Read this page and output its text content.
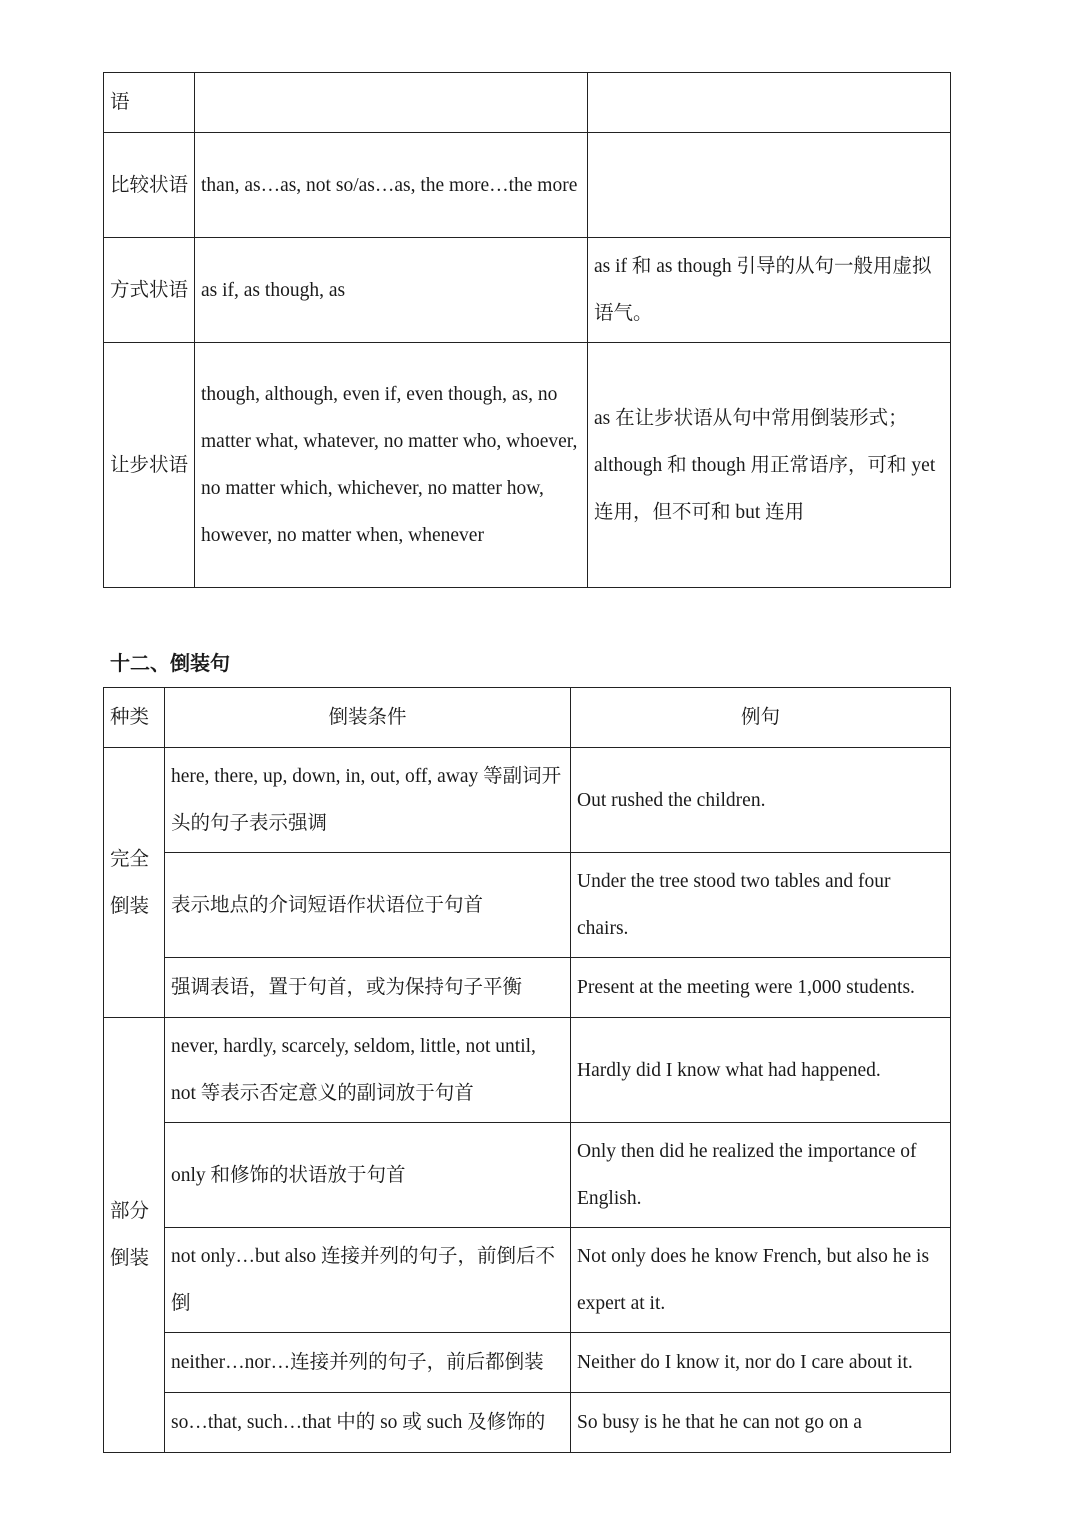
语		
比较状语	than, as…as, not so/as…as, the more…the more	
方式状语	as if, as though, as	as if 和 as though 引导的从句一般用虚拟语气。
让步状语	though, although, even if, even though, as, no matter what, whatever, no matter who, whoever, no matter which, whichever, no matter how, however, no matter when, whenever	as 在让步状语从句中常用倒装形式；although 和 though 用正常语序，可和 yet 连用，但不可和 but 连用
十二、倒装句
种类	倒装条件	例句
完全倒装	here, there, up, down, in, out, off, away 等副词开头的句子表示强调	Out rushed the children.
	表示地点的介词短语作状语位于句首	Under the tree stood two tables and four chairs.
	强调表语，置于句首，或为保持句子平衡	Present at the meeting were 1,000 students.
部分倒装	never, hardly, scarcely, seldom, little, not until, not 等表示否定意义的副词放于句首	Hardly did I know what had happened.
	only 和修饰的状语放于句首	Only then did he realized the importance of English.
	not only…but also 连接并列的句子，前倒后不倒	Not only does he know French, but also he is expert at it.
	neither…nor…连接并列的句子，前后都倒装	Neither do I know it, nor do I care about it.
	so…that, such…that 中的 so 或 such 及修饰的	So busy is he that he can not go on a
